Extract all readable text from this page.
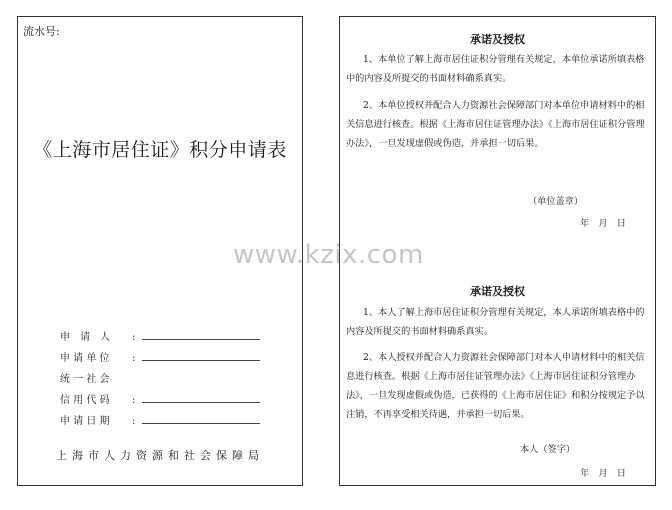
流水号:
《上海市居住证》积分申请表
申　请　人	:
申 请 单 位	:
统 一 社 会
信 用 代 码	:
申 请 日 期	:
上海市人力资源和社会保障局
承诺及授权
1、本单位了解上海市居住证积分管理有关规定，本单位承诺所填表格中的内容及所提交的书面材料确系真实。
2、本单位授权并配合人力资源社会保障部门对本单位申请材料中的相关信息进行核查。根据《上海市居住证管理办法》《上海市居住证积分管理办法》，一旦发现虚假或伪造，并承担一切后果。
（单位盖章）
年　月　日
承诺及授权
1、本人了解上海市居住证积分管理有关规定，本人承诺所填表格中的内容及所提交的书面材料确系真实。
2、本人授权并配合人力资源社会保障部门对本人申请材料中的相关信息进行核查。根据《上海市居住证管理办法》《上海市居住证积分管理办法》，一旦发现虚假或伪造，已获得的《上海市居住证》和积分按规定予以注销，不再享受相关待遇，并承担一切后果。
本人（签字）
年　月　日
www.kzix.com
